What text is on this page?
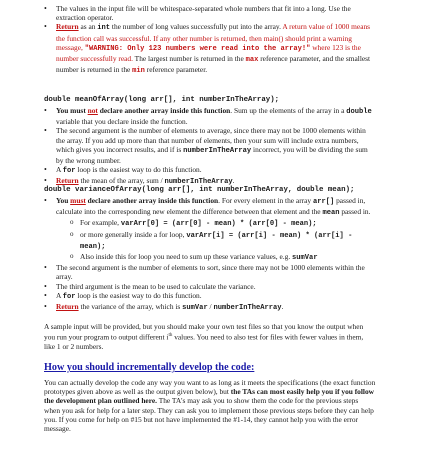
• The values in the input file will be whitespace-separated whole numbers that fit into a long. Use the extraction operator.
• Return as an int the number of long values successfully put into the array. A return value of 1000 means the function call was successful. If any other number is returned, then main() should print a warning message, "WARNING: Only 123 numbers were read into the array!" where 123 is the number successfully read. The largest number is returned in the max reference parameter, and the smallest number is returned in the min reference parameter.
double meanOfArray(long arr[], int numberInTheArray);
• You must not declare another array inside this function. Sum up the elements of the array in a double variable that you declare inside the function.
• The second argument is the number of elements to average, since there may not be 1000 elements within the array. If you add up more than that number of elements, then your sum will include extra numbers, which gives you incorrect results, and if is numberInTheArray incorrect, you will be dividing the sum by the wrong number.
• A for loop is the easiest way to do this function.
• Return the mean of the array, sum / numberInTheArray.
double varianceOfArray(long arr[], int numberInTheArray, double mean);
• You must declare another array inside this function. For every element in the array arr[] passed in, calculate into the corresponding new element the difference between that element and the mean passed in.
o For example, varArr[0] = (arr[0] - mean) * (arr[0] - mean);
o or more generally inside a for loop, varArr[i] = (arr[i] - mean) * (arr[i] - mean);
o Also inside this for loop you need to sum up these variance values, e.g. sumVar
• The second argument is the number of elements to sort, since there may not be 1000 elements within the array.
• The third argument is the mean to be used to calculate the variance.
• A for loop is the easiest way to do this function.
• Return the variance of the array, which is sumVar / numberInTheArray.

A sample input will be provided, but you should make your own test files so that you know the output when you run your program to output different $i^{th}$ values. You need to also test for files with fewer values in them, like 1 or 2 numbers.

How you should incrementally develop the code:

You can actually develop the code any way you want to as long as it meets the specifications (the exact function prototypes given above as well as the output given below), but the TAs can most easily help you if you follow the development plan outlined here. The TA's may ask you to show them the code for the previous steps when you ask for help for a later step. They can ask you to implement those previous steps before they can help you. If you come for help on #15 but not have implemented the #1-14, they cannot help you with the error message.
